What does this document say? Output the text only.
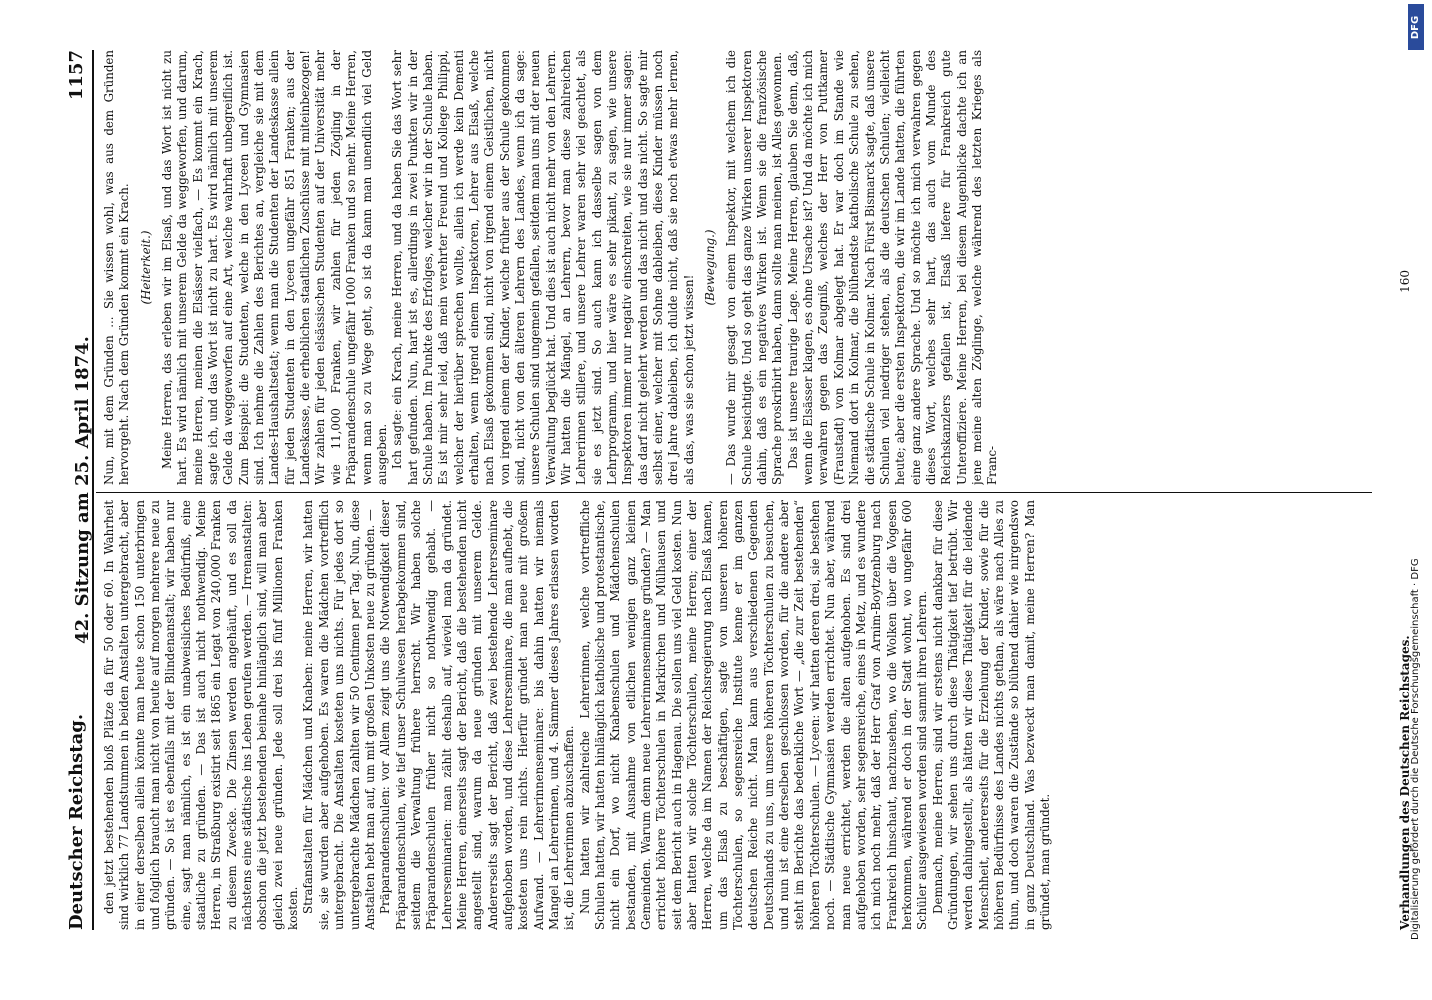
Deutscher Reichstag.
42. Sitzung am 25. April 1874.
1157

den jetzt bestehenden bloß Plätze da für 50 oder 60. In Wahrheit sind wirklich 77 Landstummen in beiden Anstalten untergebracht, aber in einer derselben allein könnte man heute schon 150 unterbringen und folglich braucht man nicht von heute auf morgen mehrere neue zu gründen. — So ist es ebenfalls mit der Blindenanstalt; wir haben nur eine, sagt man nämlich, es ist ein unabweisliches Bedürfniß, eine staatliche zu gründen. — Das ist auch nicht nothwendig. Meine Herren, in Straßburg existirt seit 1865 ein Legat von 240,000 Franken zu diesem Zwecke. Die Zinsen werden angehäuft, und es soll da nächstens eine städtische ins Leben gerufen werden. — Irrenanstalten: obschon die jetzt bestehenden beinahe hinlänglich sind, will man aber gleich zwei neue gründen. Jede soll drei bis fünf Millionen Franken kosten. Strafanstalten für Mädchen und Knaben: meine Herren, wir hatten sie, sie wurden aber aufgehoben. Es waren die Mädchen vortrefflich untergebracht. Die Anstalten kosteten uns nichts. Für jedes dort so untergebrachte Mädchen zahlten wir 50 Centimen per Tag. Nun, diese Anstalten hebt man auf, um mit großen Unkosten neue zu gründen. — Präparandenschulen: vor Allem zeigt uns die Notwendigkeit dieser Präparandenschulen, wie tief unser Schulwesen herabgekommen sind, seitdem die Verwaltung frühere herrscht. Wir haben solche Präparandenschulen früher nicht so nothwendig gehabt. — Lehrerseminarien: man zählt deshalb auf, wieviel man da gründet. Meine Herren, einerseits sagt der Bericht, daß die bestehenden nicht angestellt sind, warum da neue gründen mit unserem Gelde. Andererseits sagt der Bericht, daß zwei bestehende Lehrerseminare aufgehoben worden, und diese Lehrerseminare, die man aufhebt, die kosteten uns rein nichts. Hierfür gründet man neue mit großem Aufwand. — Lehrerinnenseminare: bis dahin hatten wir niemals Mangel an Lehrerinnen, und 4. Sämmer dieses Jahres erlassen worden ist, die Lehrerinnen abzuschaffen. Nun hatten wir zahlreiche Lehrerinnen, welche vortreffliche Schulen hatten, wir hatten hinlänglich katholische und protestantische, nicht ein Dorf, wo nicht Knabenschulen und Mädchenschulen bestanden, mit Ausnahme von etlichen wenigen ganz kleinen Gemeinden. Warum denn neue Lehrerinnenseminare gründen? — Man errichtet höhere Töchterschulen in Markirchen und Mülhausen und seit dem Bericht auch in Hagenau. Die sollen uns viel Geld kosten. Nun aber hatten wir solche Töchterschulen, meine Herren; einer der Herren, welche da im Namen der Reichsregierung nach Elsaß kamen, um das Elsaß zu beschäftigen, sagte von unseren höheren Töchterschulen, so segensreiche Institute kenne er im ganzen deutschen Reiche nicht. Man kann aus verschiedenen Gegenden Deutschlands zu uns, um unsere höheren Töchterschulen zu besuchen, und nun ist eine derselben geschlossen worden, für die andere aber steht im Berichte das bedenkliche Wort — „die zur Zeit bestehenden“ höheren Töchterschulen. — Lyceen: wir hatten deren drei, sie bestehen noch. — Städtische Gymnasien werden errichtet. Nun aber, während man neue errichtet, werden die alten aufgehoben. Es sind drei aufgehoben worden, sehr segensreiche, eines in Metz, und es wundere ich mich noch mehr, daß der Herr Graf von Arnim-Boytzenburg nach Frankreich hinschaut, nachzusehen, wo die Wolken über die Vogesen herkommen, während er doch in der Stadt wohnt, wo ungefähr 600 Schüler ausgewiesen worden sind sammt ihren Lehrern. Demnach, meine Herren, sind wir erstens nicht dankbar für diese Gründungen, wir sehen uns durch diese Thätigkeit tief betrübt. Wir werden dahingestellt, als hätten wir diese Thätigkeit für die leidende Menschheit, andererseits für die Erziehung der Kinder, sowie für die höheren Bedürfnisse des Landes nichts gethan, als wäre nach Alles zu thun, und doch waren die Zustände so blühend dahier wie nirgendswo in ganz Deutschland. Was bezweckt man damit, meine Herren? Man gründet, man gründet.

Nun, mit dem Gründen ... Sie wissen wohl, was aus dem Gründen hervorgeht. Nach dem Gründen kommt ein Krach. (Heiterkeit.) Meine Herren, das erleben wir im Elsaß, und das Wort ist nicht zu hart. Es wird nämlich mit unserem Gelde da weggeworfen, und darum, meine Herren, meinen die Elsässer vielfach, — Es kommt ein Krach, sagte ich, und das Wort ist nicht zu hart. Es wird nämlich mit unserem Gelde da weggeworfen auf eine Art, welche wahrhaft unbegreiflich ist. Zum Beispiel: die Studenten, welche in den Lyceen und Gymnasien sind. Ich nehme die Zahlen des Berichtes an, vergleiche sie mit dem Landes-Haushaltsetat; wenn man die Studenten der Landeskasse allein für jeden Studenten in den Lyceen ungefähr 851 Franken; aus der Landeskasse, die erheblichen staatlichen Zuschüsse mit miteinbezogen! Wir zahlen für jeden elsässischen Studenten auf der Universität mehr wie 11,000 Franken, wir zahlen für jeden Zögling in der Präparandenschule ungefähr 1000 Franken und so mehr. Meine Herren, wenn man so zu Wege geht, so ist da kann man unendlich viel Geld ausgeben. Ich sagte: ein Krach, meine Herren, und da haben Sie das Wort sehr hart gefunden. Nun, hart ist es, allerdings in zwei Punkten wir in der Schule haben. Im Punkte des Erfolges, welcher wir in der Schule haben. Es ist mir sehr leid, daß mein verehrter Freund und Kollege Philippi, welcher der hierüber sprechen wollte, allein ich werde kein Dementi erhalten, wenn irgend einem Inspektoren, Lehrer aus Elsaß, welche nach Elsaß gekommen sind, nicht von irgend einem Geistlichen, nicht von irgend einem der Kinder, welche früher aus der Schule gekommen sind, nicht von den älteren Lehrern des Landes, wenn ich da sage: unsere Schulen sind ungemein gefallen, seitdem man uns mit der neuen Verwaltung beglückt hat. Und dies ist auch nicht mehr von den Lehrern. Wir hatten die Mängel, an Lehrern, bevor man diese zahlreichen Lehrerinnen stillere, und unsere Lehrer waren sehr viel geachtet, als sie es jetzt sind. So auch kann ich dasselbe sagen von dem Lehrprogramm, und hier wäre es sehr pikant, zu sagen, wie unsere Inspektoren immer nur negativ einschreiten, wie sie nur immer sagen: das darf nicht gelehrt werden und das nicht und das nicht. So sagte mir selbst einer, welcher mit Sohne dableiben, diese Kinder müssen noch drei Jahre dableiben, ich dulde nicht, daß sie noch etwas mehr lernen, als das, was sie schon jetzt wissen!

(Bewegung.) — Das wurde mir gesagt von einem Inspektor, mit welchem ich die Schule besichtigte. Und so geht das ganze Wirken unserer Inspektoren dahin, daß es ein negatives Wirken ist. Wenn sie die französische Sprache proskribirt haben, dann sollte man meinen, ist Alles gewonnen. Das ist unsere traurige Lage. Meine Herren, glauben Sie denn, daß, wenn die Elsässer klagen, es ohne Ursache ist? Und da möchte ich mich verwahren gegen das Zeugniß, welches der Herr von Puttkamer (Fraustadt) von Kolmar abgelegt hat. Er war doch im Stande wie Niemand dort in Kolmar, die blühendste katholische Schule zu sehen, die städtische Schule in Kolmar. Nach Fürst Bismarck sagte, daß unsere Schulen viel niedriger stehen, als die deutschen Schulen; vielleicht heute; aber die ersten Inspektoren, die wir im Lande hatten, die führten eine ganz andere Sprache. Und so möchte ich mich verwahren gegen dieses Wort, welches sehr hart, das auch vom Munde des Reichskanzlers gefallen ist, Elsaß liefere für Frankreich gute Unteroffiziere. Meine Herren, bei diesem Augenblicke dachte ich an jene meine alten Zöglinge, welche während des letzten Krieges als Franc-

Verhandlungen des Deutschen Reichstages.
160
DFG
Digitalisierung gefördert durch die Deutsche Forschungsgemeinschaft · DFG
